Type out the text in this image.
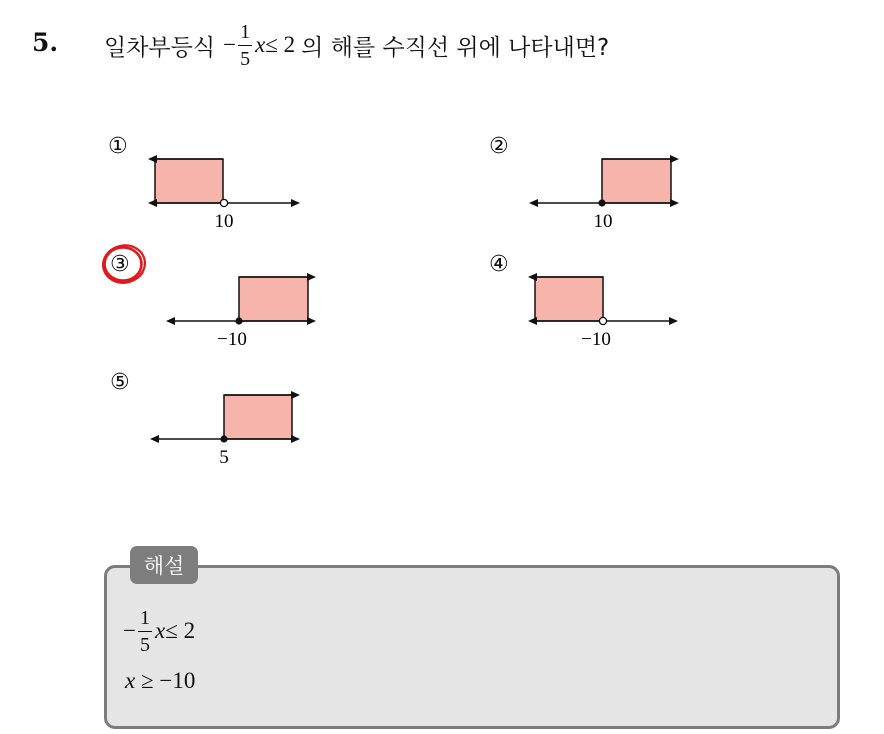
5. 일차부등식 − $\frac{1}{5}$ x ≤ 2 의 해를 수직선 위에 나타내면?
①
10
②
10
③
−10
④
−10
⑤
5
해설
− $\frac{1}{5}$ x ≤ 2
x ≥ −10
